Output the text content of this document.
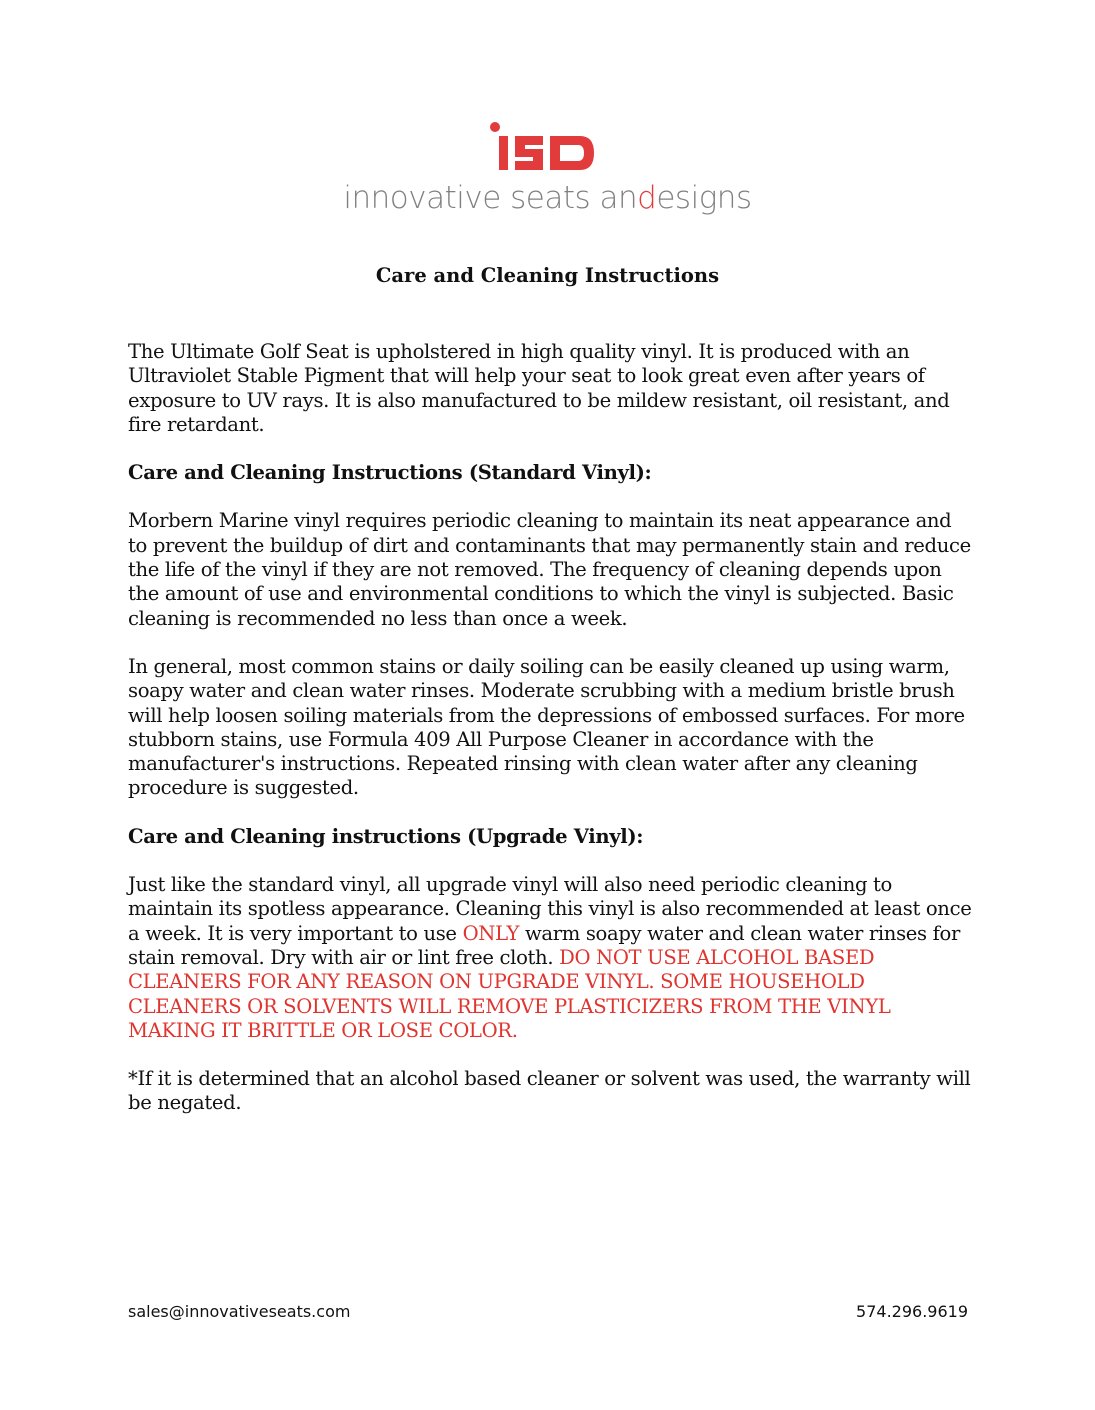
innovative seats andesigns
Care and Cleaning Instructions

The Ultimate Golf Seat is upholstered in high quality vinyl. It is produced with an Ultraviolet Stable Pigment that will help your seat to look great even after years of exposure to UV rays. It is also manufactured to be mildew resistant, oil resistant, and fire retardant.

Care and Cleaning Instructions (Standard Vinyl):

Morbern Marine vinyl requires periodic cleaning to maintain its neat appearance and to prevent the buildup of dirt and contaminants that may permanently stain and reduce the life of the vinyl if they are not removed. The frequency of cleaning depends upon the amount of use and environmental conditions to which the vinyl is subjected. Basic cleaning is recommended no less than once a week.

In general, most common stains or daily soiling can be easily cleaned up using warm, soapy water and clean water rinses. Moderate scrubbing with a medium bristle brush will help loosen soiling materials from the depressions of embossed surfaces. For more stubborn stains, use Formula 409 All Purpose Cleaner in accordance with the manufacturer's instructions. Repeated rinsing with clean water after any cleaning procedure is suggested.

Care and Cleaning instructions (Upgrade Vinyl):

Just like the standard vinyl, all upgrade vinyl will also need periodic cleaning to maintain its spotless appearance. Cleaning this vinyl is also recommended at least once a week. It is very important to use ONLY warm soapy water and clean water rinses for stain removal. Dry with air or lint free cloth. DO NOT USE ALCOHOL BASED CLEANERS FOR ANY REASON ON UPGRADE VINYL. SOME HOUSEHOLD CLEANERS OR SOLVENTS WILL REMOVE PLASTICIZERS FROM THE VINYL MAKING IT BRITTLE OR LOSE COLOR.

*If it is determined that an alcohol based cleaner or solvent was used, the warranty will be negated.

sales@innovativeseats.com	574.296.9619
